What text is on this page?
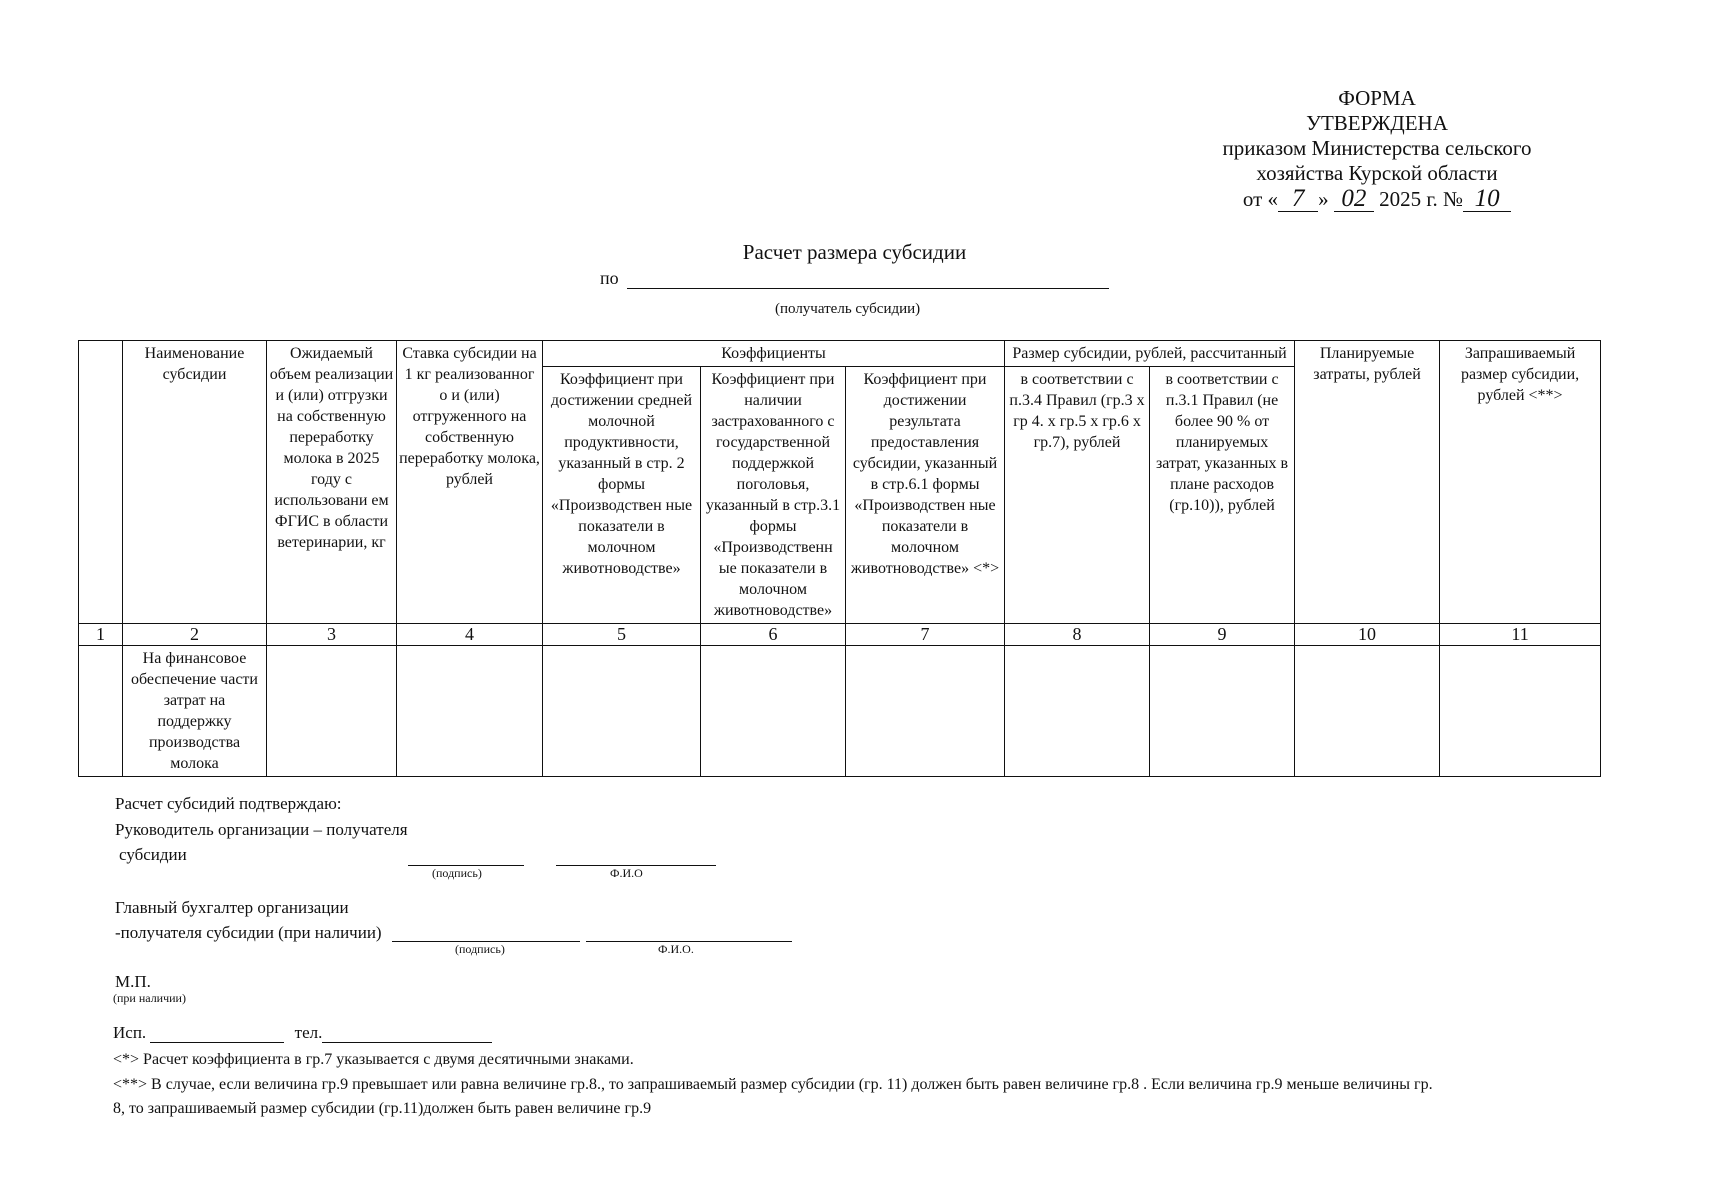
ФОРМА
УТВЕРЖДЕНА
приказом Министерства сельского
хозяйства Курской области
от « 7 » 02 2025 г. № 10
Расчет размера субсидии
по
(получатель субсидии)
	Наименование субсидии	Ожидаемый объем реализации и (или) отгрузки на собственную переработку молока в 2025 году с использовани ем ФГИС в области ветеринарии, кг	Ставка субсидии на 1 кг реализованног о и (или) отгруженного на собственную переработку молока, рублей	Коэффициенты			Размер субсидии, рублей, рассчитанный		Планируемые затраты, рублей	Запрашиваемый размер субсидии, рублей <**>
				Коэффициент при достижении средней молочной продуктивности, указанный в стр. 2 формы «Производствен ные показатели в молочном животноводстве»	Коэффициент при наличии застрахованного с государственной поддержкой поголовья, указанный в стр.3.1 формы «Производственн ые показатели в молочном животноводстве»	Коэффициент при достижении результата предоставления субсидии, указанный в стр.6.1 формы «Производствен ные показатели в молочном животноводстве» <*>	в соответствии с п.3.4 Правил (гр.3 х гр 4. х гр.5 х гр.6 х гр.7), рублей	в соответствии с п.3.1 Правил (не более 90 % от планируемых затрат, указанных в плане расходов (гр.10)), рублей		
1	2	3	4	5	6	7	8	9	10	11
	На финансовое обеспечение части затрат на поддержку производства молока									
Расчет субсидий подтверждаю:
Руководитель организации – получателя
субсидии
(подпись)	Ф.И.О
Главный бухгалтер организации
-получателя субсидии (при наличии)
(подпись)	Ф.И.О.
М.П.
(при наличии)
Исп.	тел.
<*> Расчет коэффициента в гр.7 указывается с двумя десятичными знаками.
<**> В случае, если величина гр.9 превышает или равна величине гр.8., то запрашиваемый размер субсидии (гр. 11) должен быть равен величине гр.8 . Если величина гр.9 меньше величины гр.
8, то запрашиваемый размер субсидии (гр.11)должен быть равен величине гр.9
